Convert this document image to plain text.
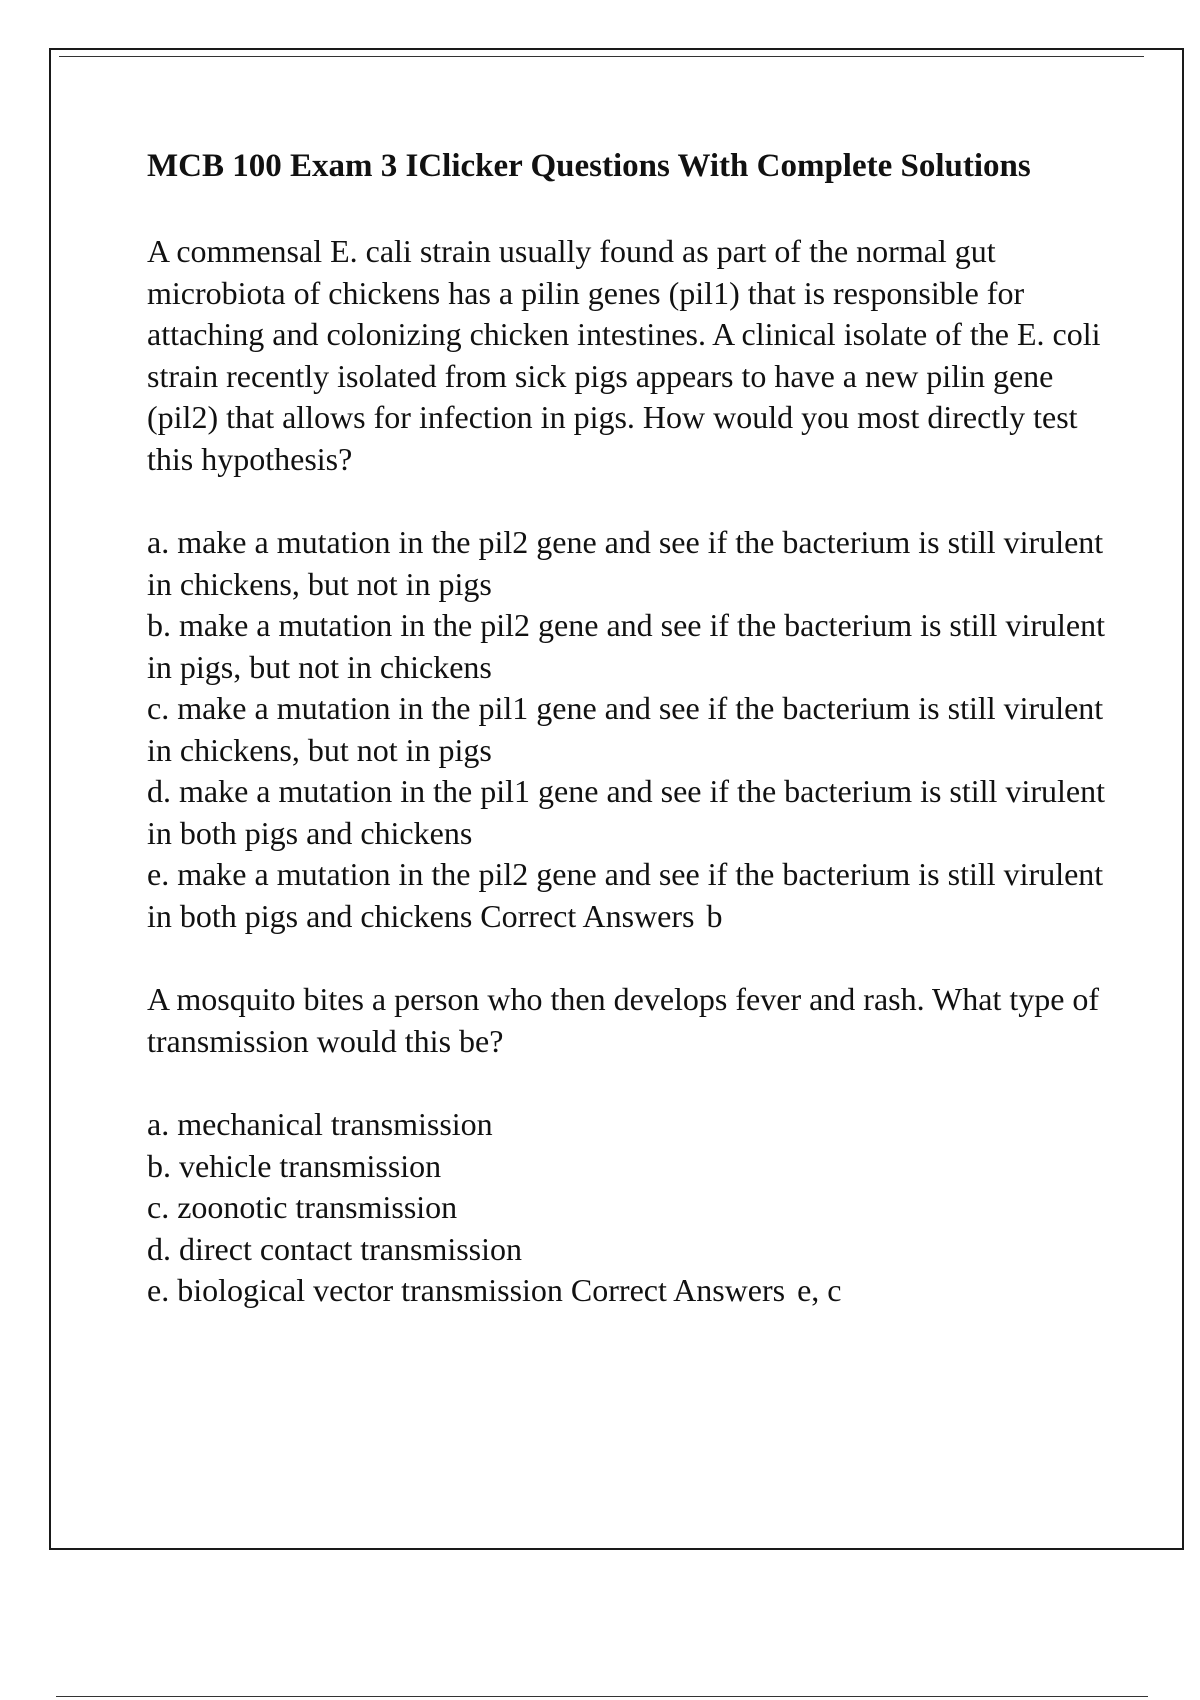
MCB 100 Exam 3 IClicker Questions With Complete Solutions

A commensal E. cali strain usually found as part of the normal gut microbiota of chickens has a pilin genes (pil1) that is responsible for attaching and colonizing chicken intestines. A clinical isolate of the E. coli strain recently isolated from sick pigs appears to have a new pilin gene (pil2) that allows for infection in pigs. How would you most directly test this hypothesis?

a. make a mutation in the pil2 gene and see if the bacterium is still virulent in chickens, but not in pigs
b. make a mutation in the pil2 gene and see if the bacterium is still virulent in pigs, but not in chickens
c. make a mutation in the pil1 gene and see if the bacterium is still virulent in chickens, but not in pigs
d. make a mutation in the pil1 gene and see if the bacterium is still virulent in both pigs and chickens
e. make a mutation in the pil2 gene and see if the bacterium is still virulent in both pigs and chickens Correct Answers b

A mosquito bites a person who then develops fever and rash. What type of transmission would this be?

a. mechanical transmission
b. vehicle transmission
c. zoonotic transmission
d. direct contact transmission
e. biological vector transmission Correct Answers e, c
